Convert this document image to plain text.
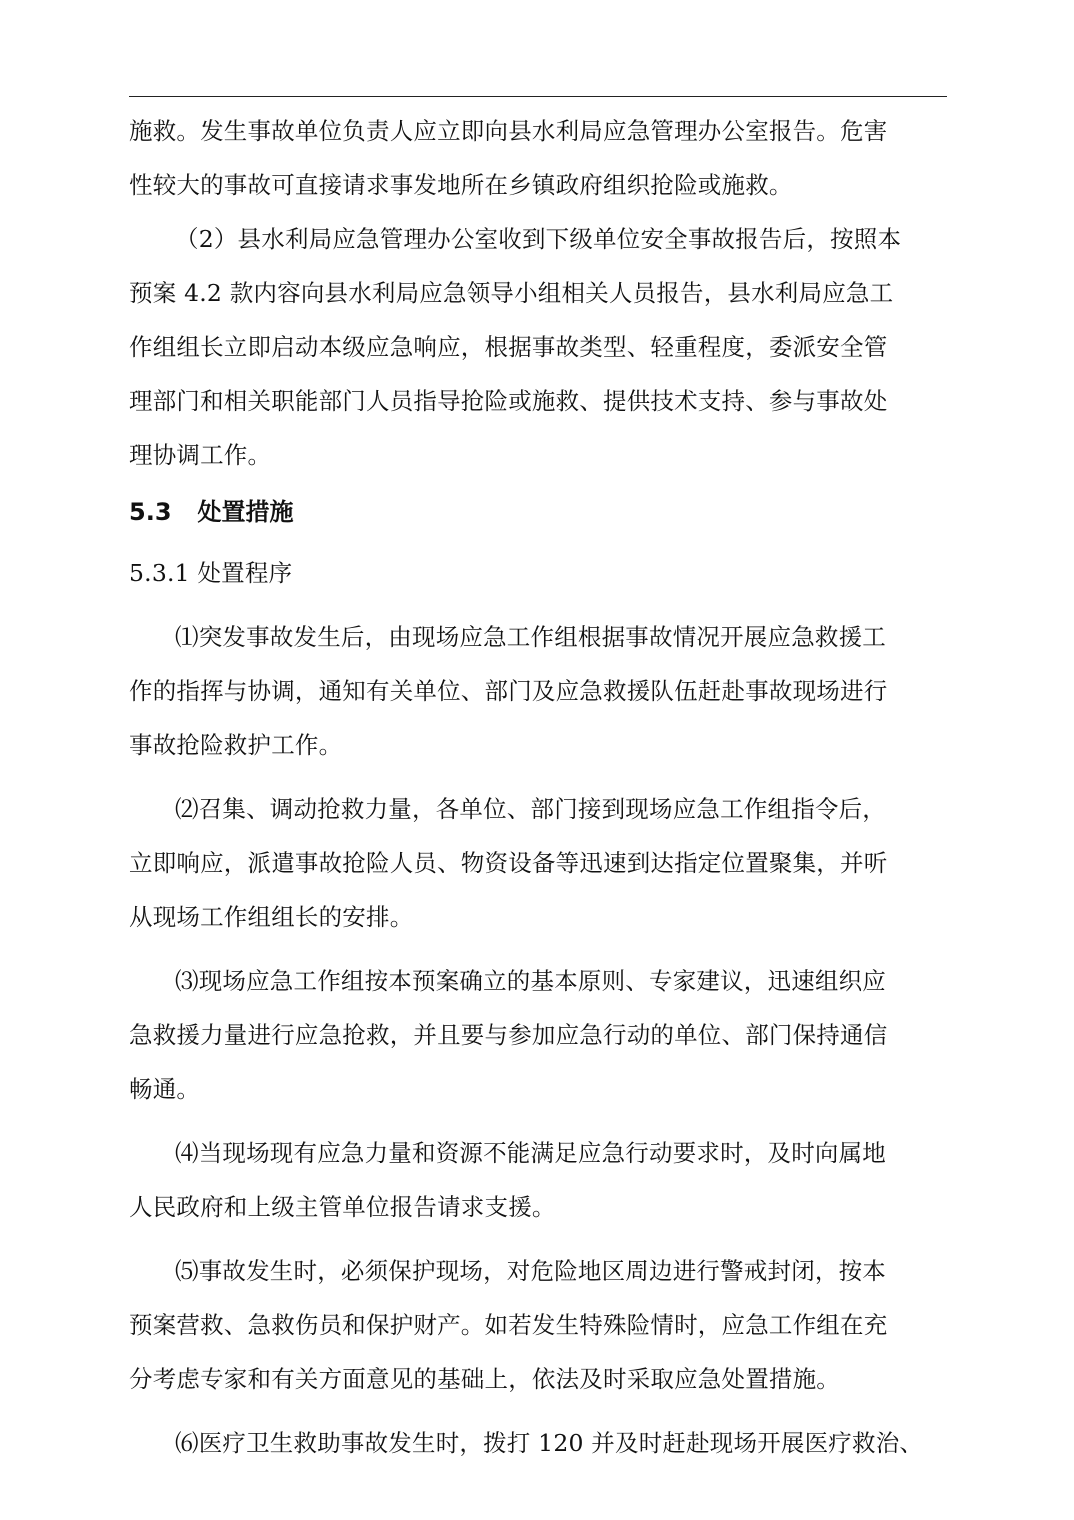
施救。发生事故单位负责人应立即向县水利局应急管理办公室报告。危害
性较大的事故可直接请求事发地所在乡镇政府组织抢险或施救。
（2）县水利局应急管理办公室收到下级单位安全事故报告后，按照本
预案 4.2 款内容向县水利局应急领导小组相关人员报告，县水利局应急工
作组组长立即启动本级应急响应，根据事故类型、轻重程度，委派安全管
理部门和相关职能部门人员指导抢险或施救、提供技术支持、参与事故处
理协调工作。
5.3 处置措施
5.3.1 处置程序
⑴突发事故发生后，由现场应急工作组根据事故情况开展应急救援工
作的指挥与协调，通知有关单位、部门及应急救援队伍赶赴事故现场进行
事故抢险救护工作。
⑵召集、调动抢救力量，各单位、部门接到现场应急工作组指令后，
立即响应，派遣事故抢险人员、物资设备等迅速到达指定位置聚集，并听
从现场工作组组长的安排。
⑶现场应急工作组按本预案确立的基本原则、专家建议，迅速组织应
急救援力量进行应急抢救，并且要与参加应急行动的单位、部门保持通信
畅通。
⑷当现场现有应急力量和资源不能满足应急行动要求时，及时向属地
人民政府和上级主管单位报告请求支援。
⑸事故发生时，必须保护现场，对危险地区周边进行警戒封闭，按本
预案营救、急救伤员和保护财产。如若发生特殊险情时，应急工作组在充
分考虑专家和有关方面意见的基础上，依法及时采取应急处置措施。
⑹医疗卫生救助事故发生时，拨打 120 并及时赶赴现场开展医疗救治、
